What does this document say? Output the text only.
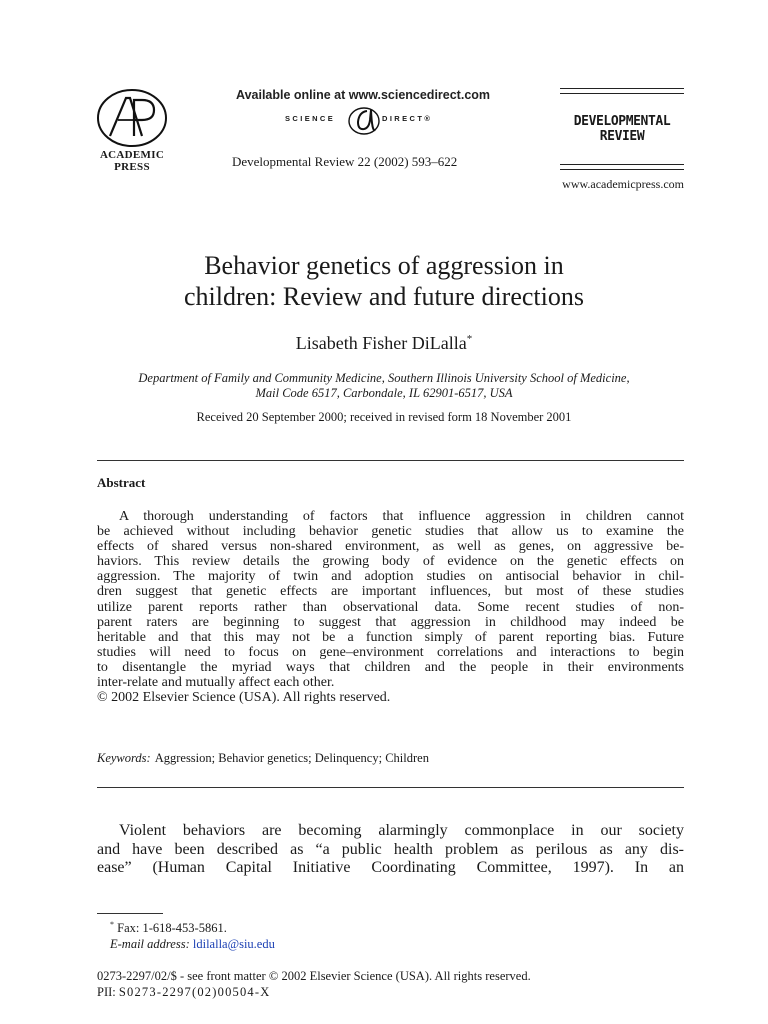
ACADEMIC
PRESS
Available online at www.sciencedirect.com
SCIENCE	DIRECT®
Developmental Review 22 (2002) 593–622
DEVELOPMENTAL
REVIEW
www.academicpress.com
Behavior genetics of aggression in
children: Review and future directions
Lisabeth Fisher DiLalla*
Department of Family and Community Medicine, Southern Illinois University School of Medicine,
Mail Code 6517, Carbondale, IL 62901-6517, USA
Received 20 September 2000; received in revised form 18 November 2001
Abstract
A thorough understanding of factors that influence aggression in children cannot
be achieved without including behavior genetic studies that allow us to examine the
effects of shared versus non-shared environment, as well as genes, on aggressive be-
haviors. This review details the growing body of evidence on the genetic effects on
aggression. The majority of twin and adoption studies on antisocial behavior in chil-
dren suggest that genetic effects are important influences, but most of these studies
utilize parent reports rather than observational data. Some recent studies of non-
parent raters are beginning to suggest that aggression in childhood may indeed be
heritable and that this may not be a function simply of parent reporting bias. Future
studies will need to focus on gene–environment correlations and interactions to begin
to disentangle the myriad ways that children and the people in their environments
inter-relate and mutually affect each other.
© 2002 Elsevier Science (USA). All rights reserved.
Keywords: Aggression; Behavior genetics; Delinquency; Children
Violent behaviors are becoming alarmingly commonplace in our society
and have been described as “a public health problem as perilous as any dis-
ease” (Human Capital Initiative Coordinating Committee, 1997). In an
* Fax: 1-618-453-5861.
E-mail address: ldilalla@siu.edu
0273-2297/02/$ - see front matter © 2002 Elsevier Science (USA). All rights reserved.
PII: S0273-2297(02)00504-X
